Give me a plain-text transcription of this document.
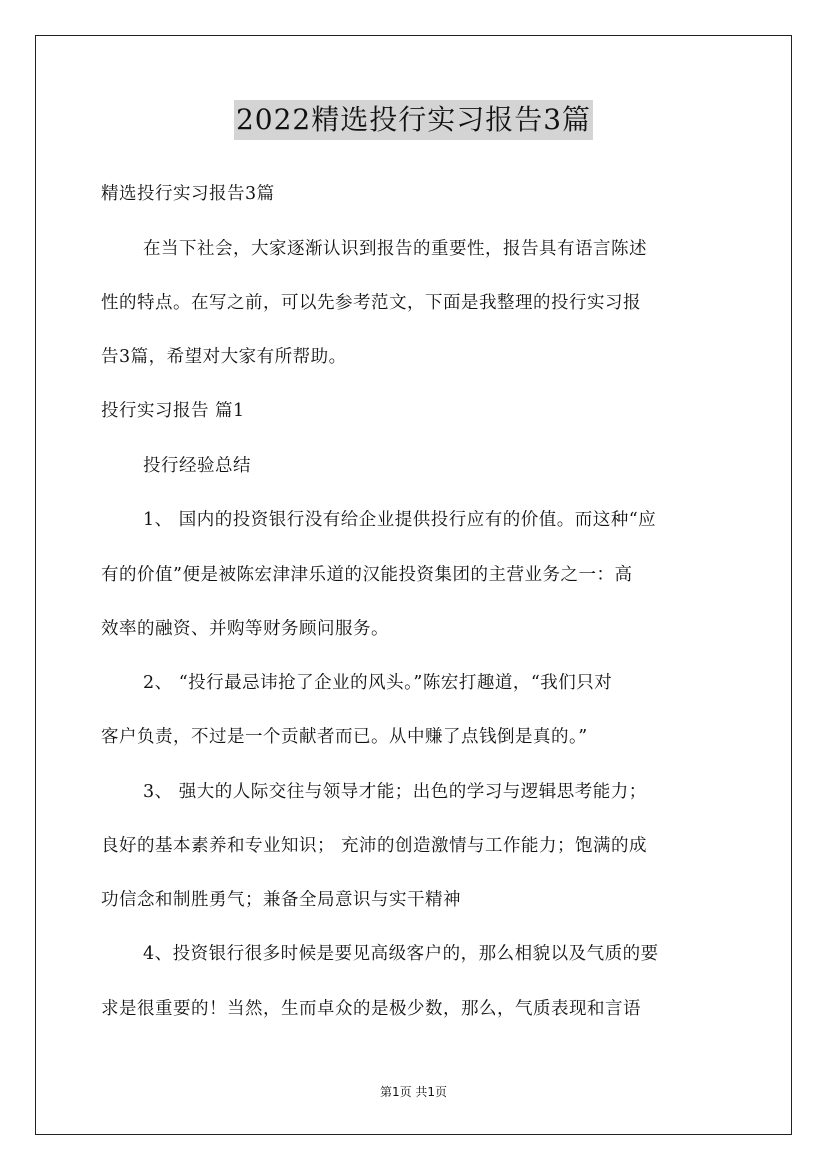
2022精选投行实习报告3篇

精选投行实习报告3篇

在当下社会，大家逐渐认识到报告的重要性，报告具有语言陈述

性的特点。在写之前，可以先参考范文，下面是我整理的投行实习报

告3篇，希望对大家有所帮助。

投行实习报告 篇1

投行经验总结

1、 国内的投资银行没有给企业提供投行应有的价值。而这种“应

有的价值”便是被陈宏津津乐道的汉能投资集团的主营业务之一：高

效率的融资、并购等财务顾问服务。

2、 “投行最忌讳抢了企业的风头。”陈宏打趣道，“我们只对

客户负责，不过是一个贡献者而已。从中赚了点钱倒是真的。”

3、 强大的人际交往与领导才能；出色的学习与逻辑思考能力；

良好的基本素养和专业知识； 充沛的创造激情与工作能力；饱满的成

功信念和制胜勇气；兼备全局意识与实干精神

4、投资银行很多时候是要见高级客户的，那么相貌以及气质的要

求是很重要的！当然，生而卓众的是极少数，那么，气质表现和言语

第1页 共1页
